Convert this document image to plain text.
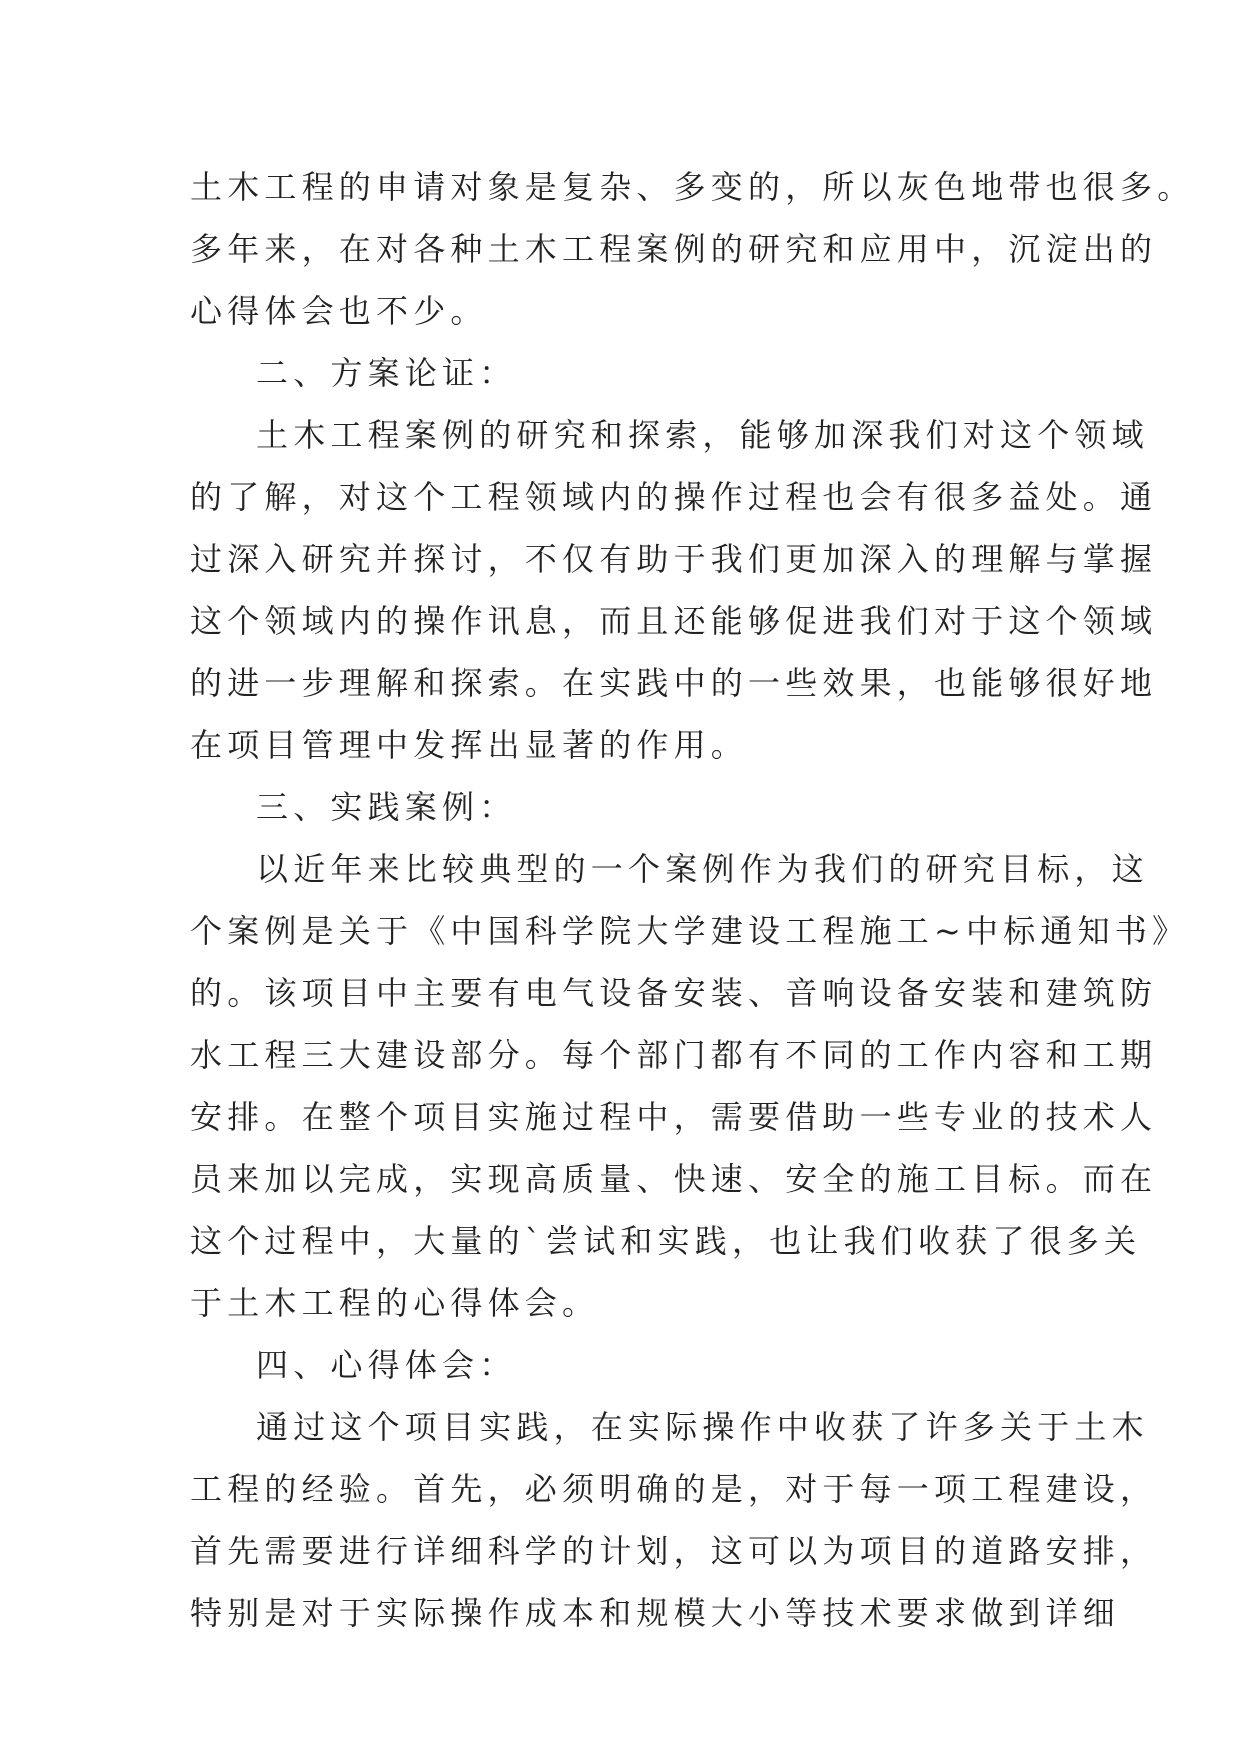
土木工程的申请对象是复杂、多变的，所以灰色地带也很多。
多年来，在对各种土木工程案例的研究和应用中，沉淀出的
心得体会也不少。
二、方案论证：
土木工程案例的研究和探索，能够加深我们对这个领域
的了解，对这个工程领域内的操作过程也会有很多益处。通
过深入研究并探讨，不仅有助于我们更加深入的理解与掌握
这个领域内的操作讯息，而且还能够促进我们对于这个领域
的进一步理解和探索。在实践中的一些效果，也能够很好地
在项目管理中发挥出显著的作用。
三、实践案例：
以近年来比较典型的一个案例作为我们的研究目标，这
个案例是关于《中国科学院大学建设工程施工~中标通知书》
的。该项目中主要有电气设备安装、音响设备安装和建筑防
水工程三大建设部分。每个部门都有不同的工作内容和工期
安排。在整个项目实施过程中，需要借助一些专业的技术人
员来加以完成，实现高质量、快速、安全的施工目标。而在
这个过程中，大量的`尝试和实践，也让我们收获了很多关
于土木工程的心得体会。
四、心得体会：
通过这个项目实践，在实际操作中收获了许多关于土木
工程的经验。首先，必须明确的是，对于每一项工程建设，
首先需要进行详细科学的计划，这可以为项目的道路安排，
特别是对于实际操作成本和规模大小等技术要求做到详细
